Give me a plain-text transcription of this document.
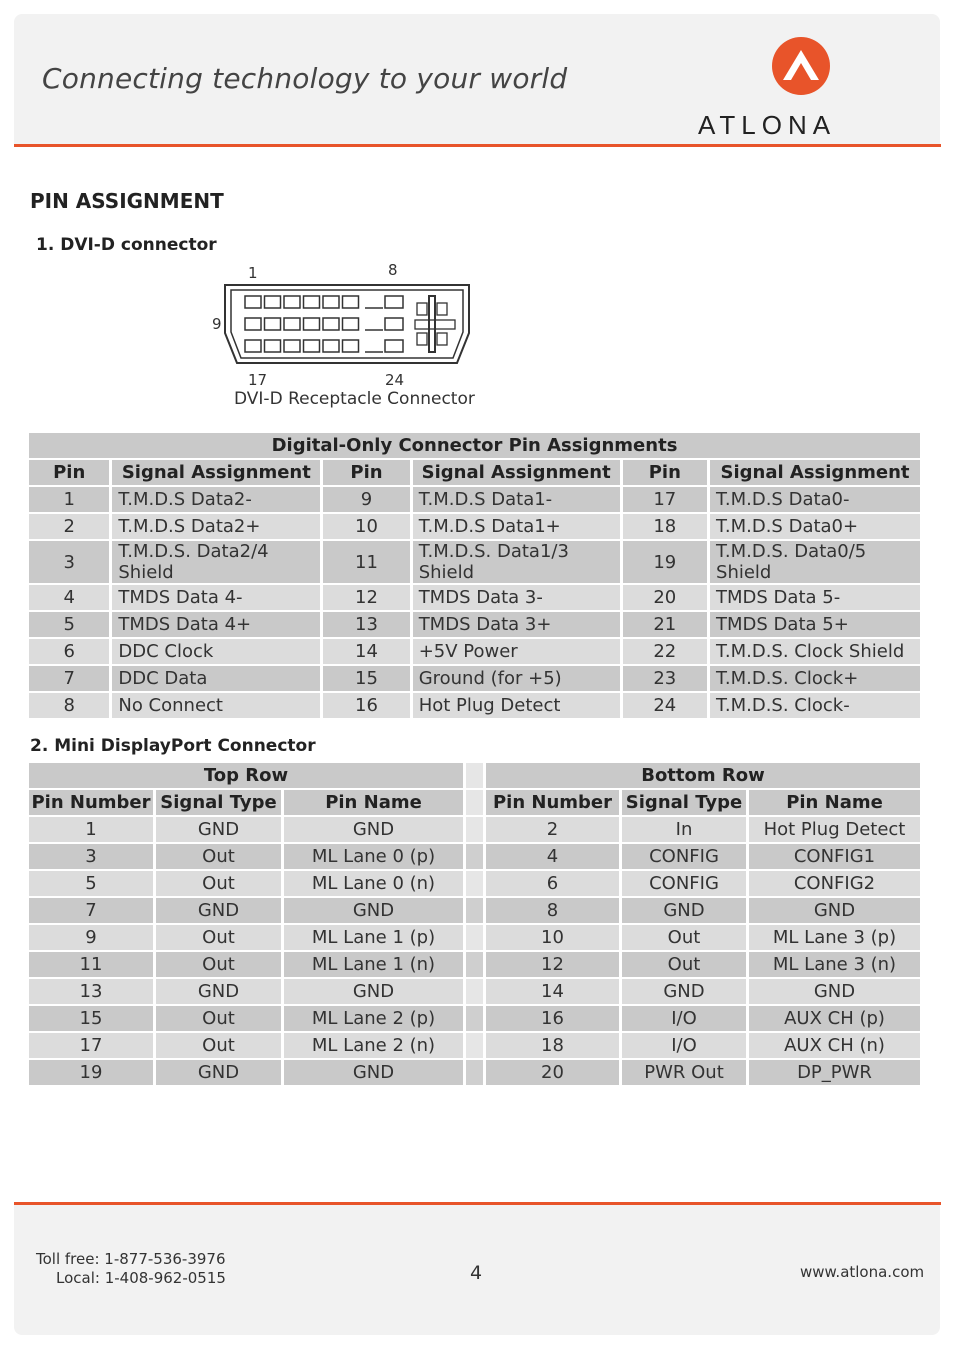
Connecting technology to your world
ATLONA
PIN ASSIGNMENT
1. DVI-D connector
1	8
9
17	24
DVI-D Receptacle Connector
Digital-Only Connector Pin Assignments					
Pin	Signal Assignment	Pin	Signal Assignment	Pin	Signal Assignment
1	T.M.D.S Data2-	9	T.M.D.S Data1-	17	T.M.D.S Data0-
2	T.M.D.S Data2+	10	T.M.D.S Data1+	18	T.M.D.S Data0+
3	T.M.D.S. Data2/4 Shield	11	T.M.D.S. Data1/3 Shield	19	T.M.D.S. Data0/5 Shield
4	TMDS Data 4-	12	TMDS Data 3-	20	TMDS Data 5-
5	TMDS Data 4+	13	TMDS Data 3+	21	TMDS Data 5+
6	DDC Clock	14	+5V Power	22	T.M.D.S. Clock Shield
7	DDC Data	15	Ground (for +5)	23	T.M.D.S. Clock+
8	No Connect	16	Hot Plug Detect	24	T.M.D.S. Clock-
2. Mini DisplayPort Connector
Top Row				Bottom Row		
Pin Number	Signal Type	Pin Name		Pin Number	Signal Type	Pin Name
1	GND	GND		2	In	Hot Plug Detect
3	Out	ML Lane 0 (p)		4	CONFIG	CONFIG1
5	Out	ML Lane 0 (n)		6	CONFIG	CONFIG2
7	GND	GND		8	GND	GND
9	Out	ML Lane 1 (p)		10	Out	ML Lane 3 (p)
11	Out	ML Lane 1 (n)		12	Out	ML Lane 3 (n)
13	GND	GND		14	GND	GND
15	Out	ML Lane 2 (p)		16	I/O	AUX CH (p)
17	Out	ML Lane 2 (n)		18	I/O	AUX CH (n)
19	GND	GND		20	PWR Out	DP_PWR
Toll free: 1-877-536-3976
Local: 1-408-962-0515	4	www.atlona.com
